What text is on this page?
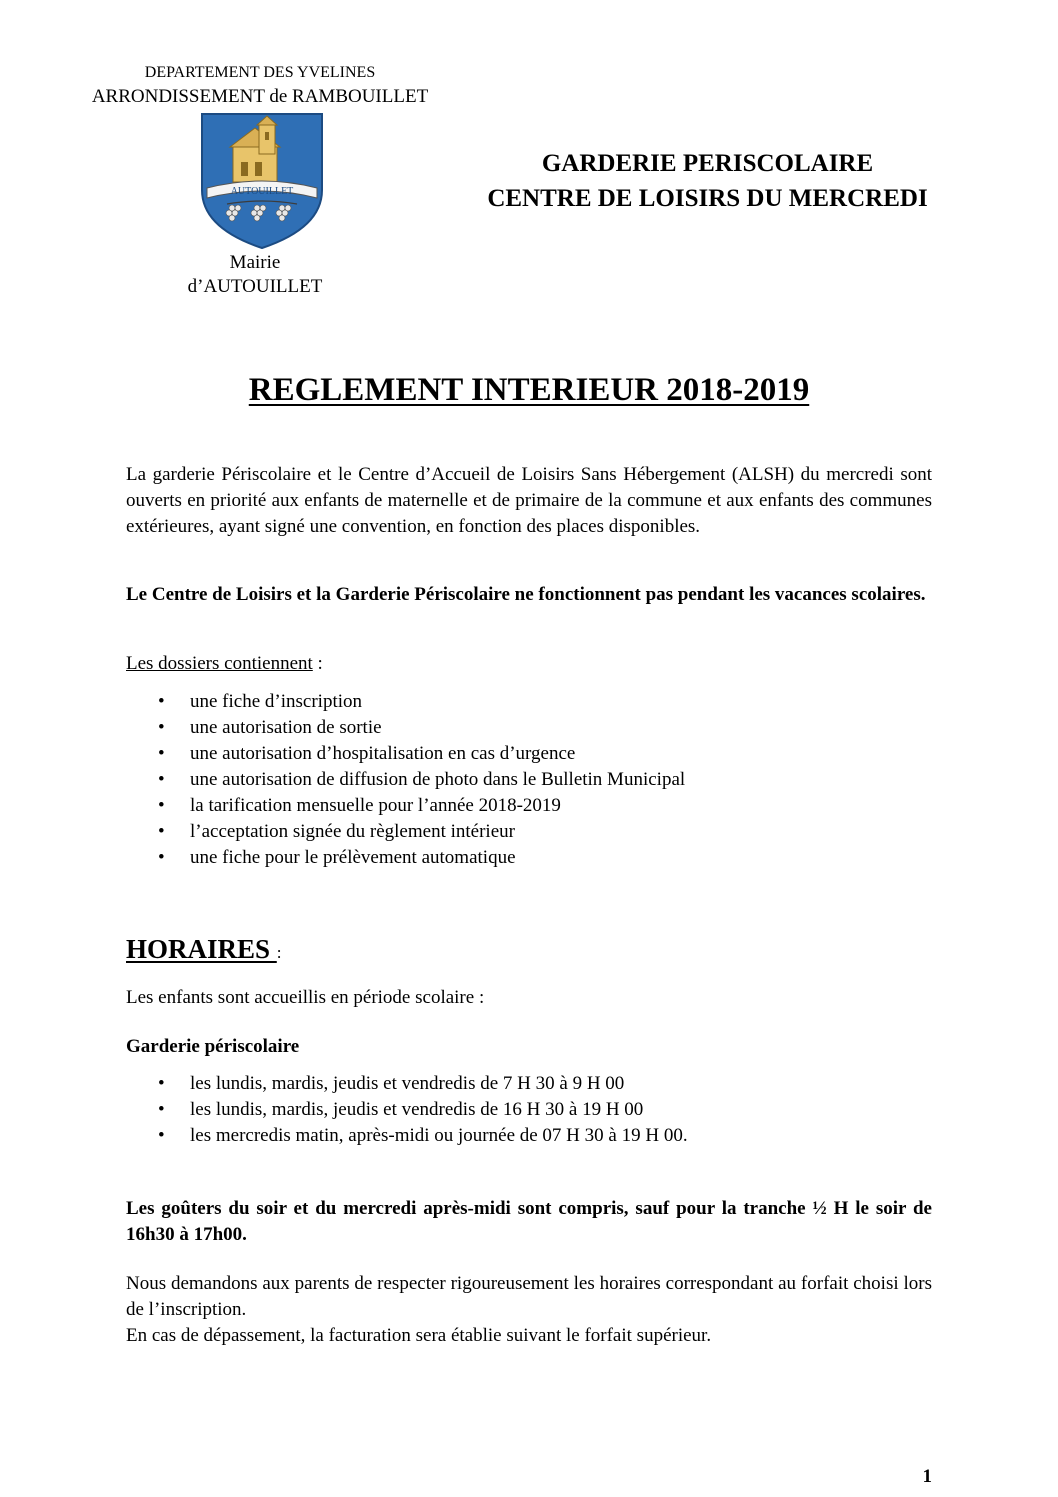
DEPARTEMENT DES YVELINES
ARRONDISSEMENT de RAMBOUILLET
AUTOUILLET
Mairie
d’AUTOUILLET
GARDERIE PERISCOLAIRE
CENTRE DE LOISIRS DU MERCREDI
REGLEMENT INTERIEUR 2018-2019
La garderie Périscolaire et le Centre d’Accueil de Loisirs Sans Hébergement (ALSH) du mercredi sont ouverts en priorité aux enfants de maternelle et de primaire de la commune et aux enfants des communes extérieures, ayant signé une convention, en fonction des places disponibles.
Le Centre de Loisirs et la Garderie Périscolaire ne fonctionnent pas pendant les vacances scolaires.
Les dossiers contiennent :
•	une fiche d’inscription
•	une autorisation de sortie
•	une autorisation d’hospitalisation en cas d’urgence
•	une autorisation de diffusion de photo dans le Bulletin Municipal
•	la tarification mensuelle pour l’année 2018-2019
•	l’acceptation signée du règlement intérieur
•	une fiche pour le prélèvement automatique
HORAIRES :
Les enfants sont accueillis en période scolaire :
Garderie périscolaire
•	les lundis, mardis, jeudis et vendredis de 7 H 30 à 9 H 00
•	les lundis, mardis, jeudis et vendredis de 16 H 30 à 19 H 00
•	les mercredis matin, après-midi ou journée de 07 H 30 à 19 H 00.
Les goûters du soir et du mercredi après-midi sont compris, sauf pour la tranche ½ H le soir de 16h30 à 17h00.
Nous demandons aux parents de respecter rigoureusement les horaires correspondant au forfait choisi lors de l’inscription.
En cas de dépassement, la facturation sera établie suivant le forfait supérieur.
1
